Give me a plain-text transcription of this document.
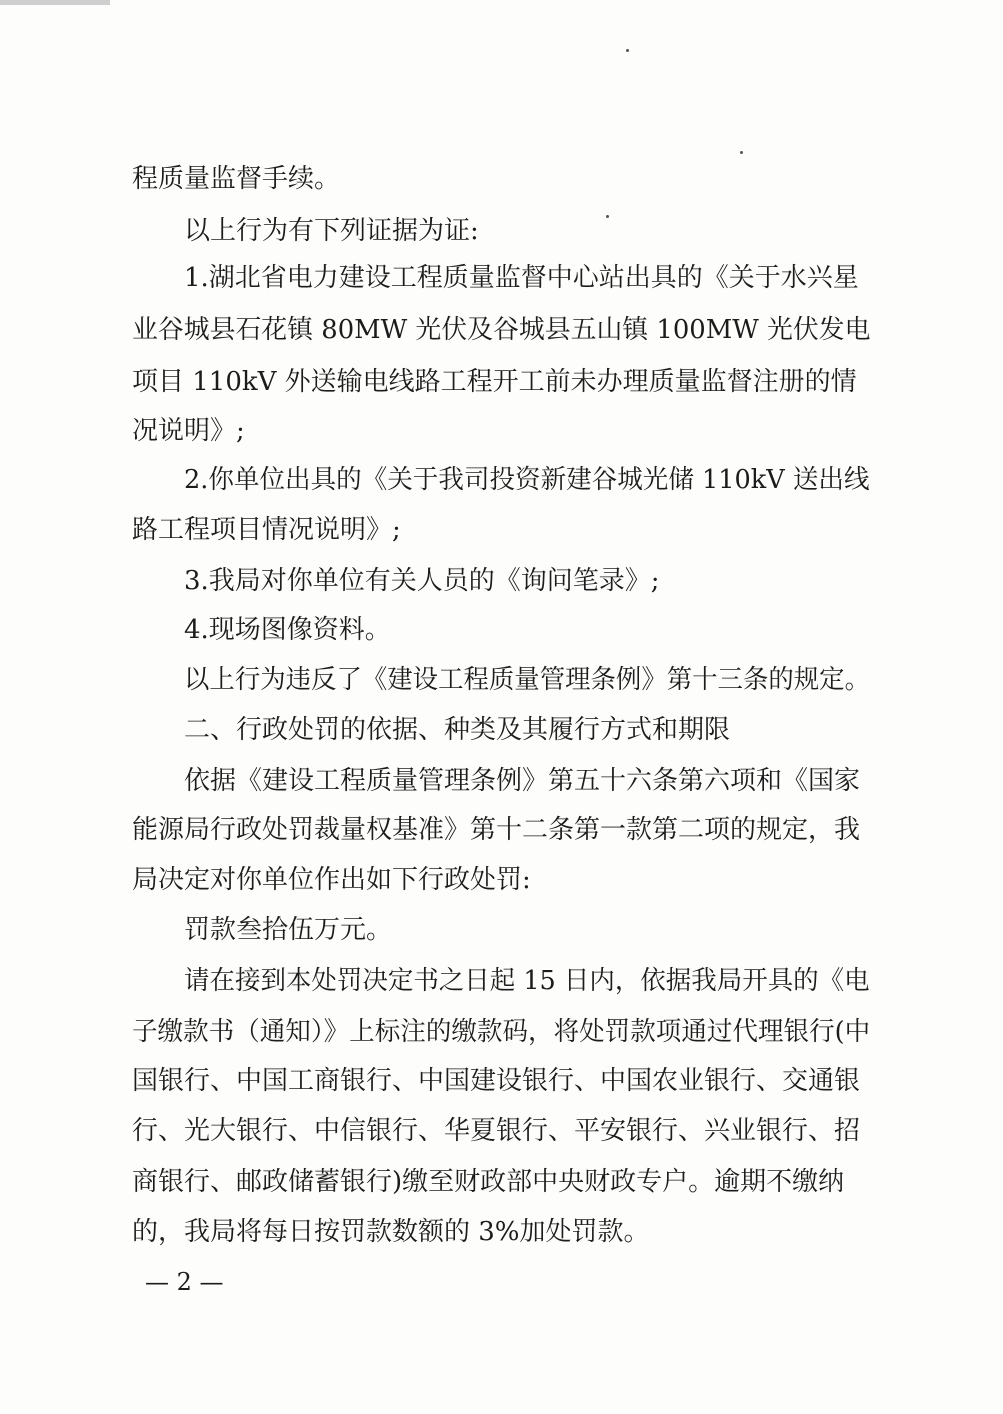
程质量监督手续。
以上行为有下列证据为证:
1.湖北省电力建设工程质量监督中心站出具的《关于水兴星
业谷城县石花镇 80MW 光伏及谷城县五山镇 100MW 光伏发电
项目 110kV 外送输电线路工程开工前未办理质量监督注册的情
况说明》;
2.你单位出具的《关于我司投资新建谷城光储 110kV 送出线
路工程项目情况说明》;
3.我局对你单位有关人员的《询问笔录》;
4.现场图像资料。
以上行为违反了《建设工程质量管理条例》第十三条的规定。
二、行政处罚的依据、种类及其履行方式和期限
依据《建设工程质量管理条例》第五十六条第六项和《国家
能源局行政处罚裁量权基准》第十二条第一款第二项的规定，我
局决定对你单位作出如下行政处罚:
罚款叁拾伍万元。
请在接到本处罚决定书之日起 15 日内，依据我局开具的《电
子缴款书（通知）》上标注的缴款码，将处罚款项通过代理银行(中
国银行、中国工商银行、中国建设银行、中国农业银行、交通银
行、光大银行、中信银行、华夏银行、平安银行、兴业银行、招
商银行、邮政储蓄银行)缴至财政部中央财政专户。逾期不缴纳
的，我局将每日按罚款数额的 3%加处罚款。
— 2 —
